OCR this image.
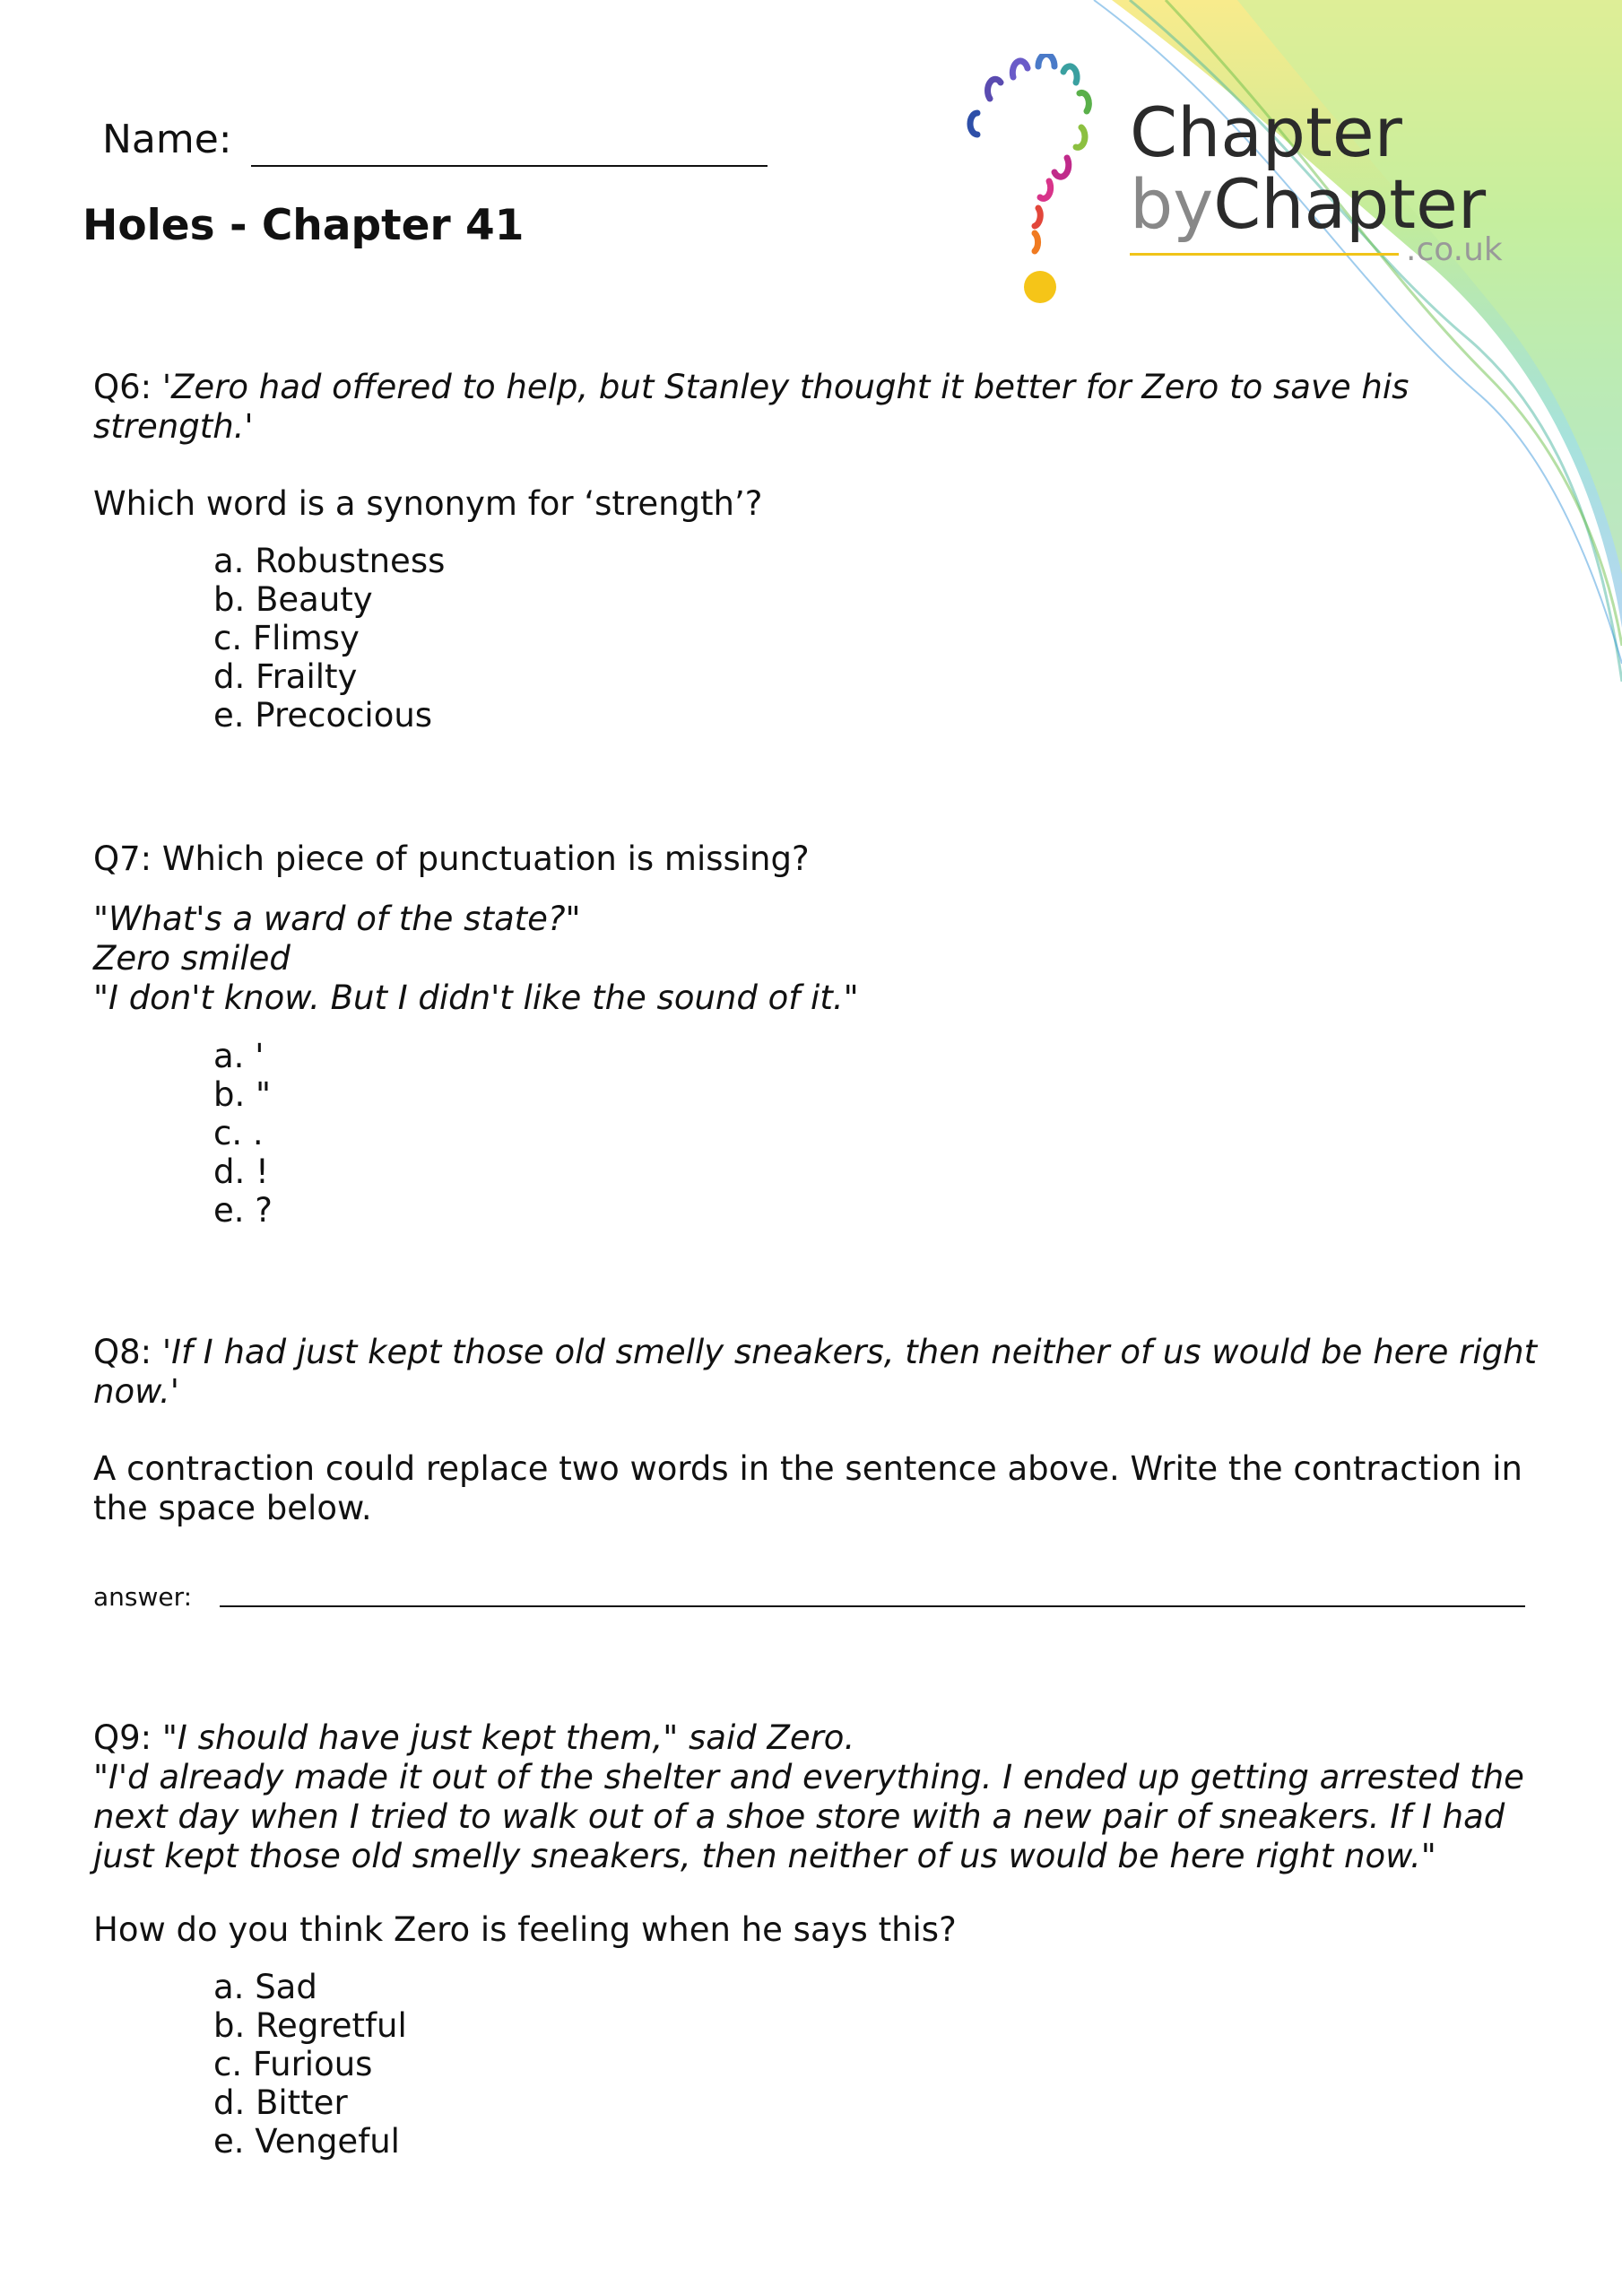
Name:
Holes - Chapter 41
Chapter
byChapter
.co.uk
Q6: 'Zero had offered to help, but Stanley thought it better for Zero to save his
strength.'
Which word is a synonym for ‘strength’?
a. Robustness
b. Beauty
c. Flimsy
d. Frailty
e. Precocious
Q7: Which piece of punctuation is missing?
"What's a ward of the state?"
Zero smiled
"I don't know. But I didn't like the sound of it."
a. '
b. "
c. .
d. !
e. ?
Q8: 'If I had just kept those old smelly sneakers, then neither of us would be here right
now.'
A contraction could replace two words in the sentence above. Write the contraction in
the space below.
answer:
Q9: "I should have just kept them," said Zero.
"I'd already made it out of the shelter and everything. I ended up getting arrested the
next day when I tried to walk out of a shoe store with a new pair of sneakers. If I had
just kept those old smelly sneakers, then neither of us would be here right now."
How do you think Zero is feeling when he says this?
a. Sad
b. Regretful
c. Furious
d. Bitter
e. Vengeful
